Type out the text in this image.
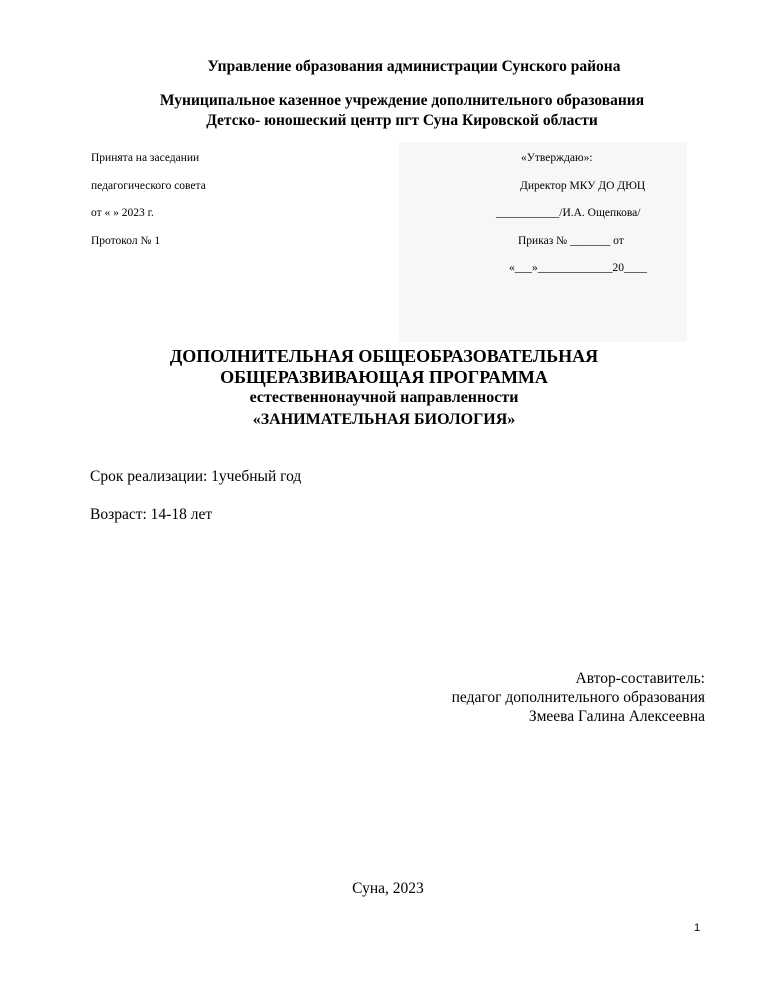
Управление образования администрации Сунского района
Муниципальное казенное учреждение дополнительного образования
Детско- юношеский центр пгт Суна Кировской области
Принята на заседании
педагогического совета
от « » 2023 г.
Протокол № 1
«Утверждаю»:
Директор МКУ ДО ДЮЦ
___________/И.А. Ощепкова/
Приказ № _______ от
«___»_____________20____
ДОПОЛНИТЕЛЬНАЯ ОБЩЕОБРАЗОВАТЕЛЬНАЯ
ОБЩЕРАЗВИВАЮЩАЯ ПРОГРАММА
естественнонаучной направленности
«ЗАНИМАТЕЛЬНАЯ БИОЛОГИЯ»
Срок реализации: 1учебный год
Возраст: 14-18 лет
Автор-составитель:
педагог дополнительного образования
Змеева Галина Алексеевна
Суна, 2023
1
